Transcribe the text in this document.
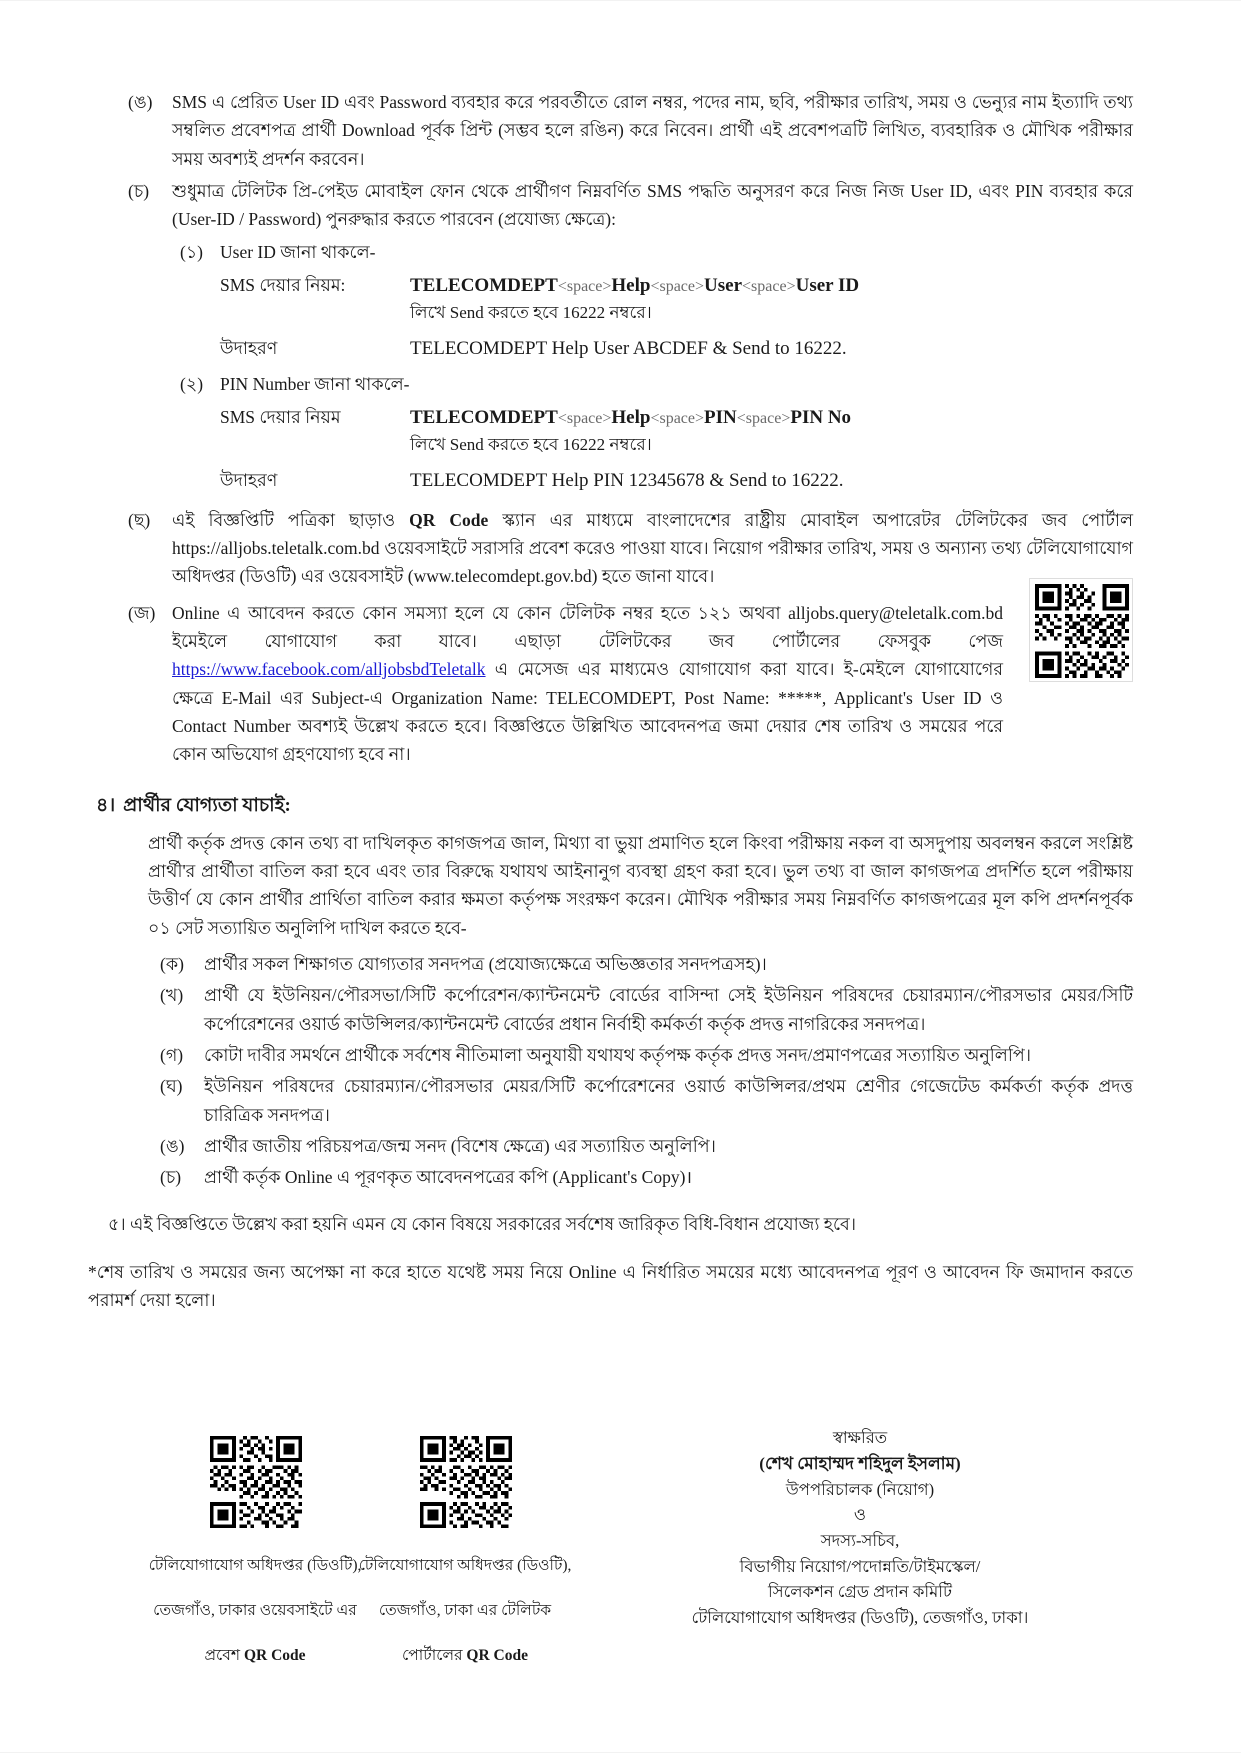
(ঙ)	SMS এ প্রেরিত User ID এবং Password ব্যবহার করে পরবর্তীতে রোল নম্বর, পদের নাম, ছবি, পরীক্ষার তারিখ, সময় ও ভেন্যুর নাম ইত্যাদি তথ্য সম্বলিত প্রবেশপত্র প্রার্থী Download পূর্বক প্রিন্ট (সম্ভব হলে রঙিন) করে নিবেন। প্রার্থী এই প্রবেশপত্রটি লিখিত, ব্যবহারিক ও মৌখিক পরীক্ষার সময় অবশ্যই প্রদর্শন করবেন।
(চ)	শুধুমাত্র টেলিটক প্রি-পেইড মোবাইল ফোন থেকে প্রার্থীগণ নিম্নবর্ণিত SMS পদ্ধতি অনুসরণ করে নিজ নিজ User ID, এবং PIN ব্যবহার করে (User-ID / Password) পুনরুদ্ধার করতে পারবেন (প্রযোজ্য ক্ষেত্রে):
(১) User ID জানা থাকলে-
SMS দেয়ার নিয়ম:	TELECOMDEPT<space>Help<space>User<space>User ID
লিখে Send করতে হবে 16222 নম্বরে।
উদাহরণ	TELECOMDEPT Help User ABCDEF & Send to 16222.
(২) PIN Number জানা থাকলে-
SMS দেয়ার নিয়ম	TELECOMDEPT<space>Help<space>PIN<space>PIN No
লিখে Send করতে হবে 16222 নম্বরে।
উদাহরণ	TELECOMDEPT Help PIN 12345678 & Send to 16222.
(ছ)	এই বিজ্ঞপ্তিটি পত্রিকা ছাড়াও QR Code স্ক্যান এর মাধ্যমে বাংলাদেশের রাষ্ট্রীয় মোবাইল অপারেটর টেলিটকের জব পোর্টাল https://alljobs.teletalk.com.bd ওয়েবসাইটে সরাসরি প্রবেশ করেও পাওয়া যাবে। নিয়োগ পরীক্ষার তারিখ, সময় ও অন্যান্য তথ্য টেলিযোগাযোগ অধিদপ্তর (ডিওটি) এর ওয়েবসাইট (www.telecomdept.gov.bd) হতে জানা যাবে।
(জ) Online এ আবেদন করতে কোন সমস্যা হলে যে কোন টেলিটক নম্বর হতে ১২১ অথবা alljobs.query@teletalk.com.bd ইমেইলে যোগাযোগ করা যাবে। এছাড়া টেলিটকের জব পোর্টালের ফেসবুক পেজ https://www.facebook.com/alljobsbdTeletalk এ মেসেজ এর মাধ্যমেও যোগাযোগ করা যাবে। ই-মেইলে যোগাযোগের ক্ষেত্রে E-Mail এর Subject-এ Organization Name: TELECOMDEPT, Post Name: *****, Applicant's User ID ও Contact Number অবশ্যই উল্লেখ করতে হবে। বিজ্ঞপ্তিতে উল্লিখিত আবেদনপত্র জমা দেয়ার শেষ তারিখ ও সময়ের পরে কোন অভিযোগ গ্রহণযোগ্য হবে না।
৪। প্রার্থীর যোগ্যতা যাচাই:
প্রার্থী কর্তৃক প্রদত্ত কোন তথ্য বা দাখিলকৃত কাগজপত্র জাল, মিথ্যা বা ভুয়া প্রমাণিত হলে কিংবা পরীক্ষায় নকল বা অসদুপায় অবলম্বন করলে সংশ্লিষ্ট প্রার্থী'র প্রার্থীতা বাতিল করা হবে এবং তার বিরুদ্ধে যথাযথ আইনানুগ ব্যবস্থা গ্রহণ করা হবে। ভুল তথ্য বা জাল কাগজপত্র প্রদর্শিত হলে পরীক্ষায় উত্তীর্ণ যে কোন প্রার্থীর প্রার্থিতা বাতিল করার ক্ষমতা কর্তৃপক্ষ সংরক্ষণ করেন। মৌখিক পরীক্ষার সময় নিম্নবর্ণিত কাগজপত্রের মূল কপি প্রদর্শনপূর্বক ০১ সেট সত্যায়িত অনুলিপি দাখিল করতে হবে-
(ক)	প্রার্থীর সকল শিক্ষাগত যোগ্যতার সনদপত্র (প্রযোজ্যক্ষেত্রে অভিজ্ঞতার সনদপত্রসহ)।
(খ)	প্রার্থী যে ইউনিয়ন/পৌরসভা/সিটি কর্পোরেশন/ক্যান্টনমেন্ট বোর্ডের বাসিন্দা সেই ইউনিয়ন পরিষদের চেয়ারম্যান/পৌরসভার মেয়র/সিটি কর্পোরেশনের ওয়ার্ড কাউন্সিলর/ক্যান্টনমেন্ট বোর্ডের প্রধান নির্বাহী কর্মকর্তা কর্তৃক প্রদত্ত নাগরিকের সনদপত্র।
(গ)	কোটা দাবীর সমর্থনে প্রার্থীকে সর্বশেষ নীতিমালা অনুযায়ী যথাযথ কর্তৃপক্ষ কর্তৃক প্রদত্ত সনদ/প্রমাণপত্রের সত্যায়িত অনুলিপি।
(ঘ)	ইউনিয়ন পরিষদের চেয়ারম্যান/পৌরসভার মেয়র/সিটি কর্পোরেশনের ওয়ার্ড কাউন্সিলর/প্রথম শ্রেণীর গেজেটেড কর্মকর্তা কর্তৃক প্রদত্ত চারিত্রিক সনদপত্র।
(ঙ)	প্রার্থীর জাতীয় পরিচয়পত্র/জন্ম সনদ (বিশেষ ক্ষেত্রে) এর সত্যায়িত অনুলিপি।
(চ)	প্রার্থী কর্তৃক Online এ পূরণকৃত আবেদনপত্রের কপি (Applicant's Copy)।
৫। এই বিজ্ঞপ্তিতে উল্লেখ করা হয়নি এমন যে কোন বিষয়ে সরকারের সর্বশেষ জারিকৃত বিধি-বিধান প্রযোজ্য হবে।
*শেষ তারিখ ও সময়ের জন্য অপেক্ষা না করে হাতে যথেষ্ট সময় নিয়ে Online এ নির্ধারিত সময়ের মধ্যে আবেদনপত্র পূরণ ও আবেদন ফি জমাদান করতে পরামর্শ দেয়া হলো।

টেলিযোগাযোগ অধিদপ্তর (ডিওটি),

তেজগাঁও, ঢাকার ওয়েবসাইটে এর

প্রবেশ QR Code

টেলিযোগাযোগ অধিদপ্তর (ডিওটি),

তেজগাঁও, ঢাকা এর টেলিটক

পোর্টালের QR Code

স্বাক্ষরিত
(শেখ মোহাম্মদ শহিদুল ইসলাম)
উপপরিচালক (নিয়োগ)
ও
সদস্য-সচিব,
বিভাগীয় নিয়োগ/পদোন্নতি/টাইমস্কেল/
সিলেকশন গ্রেড প্রদান কমিটি
টেলিযোগাযোগ অধিদপ্তর (ডিওটি), তেজগাঁও, ঢাকা।
